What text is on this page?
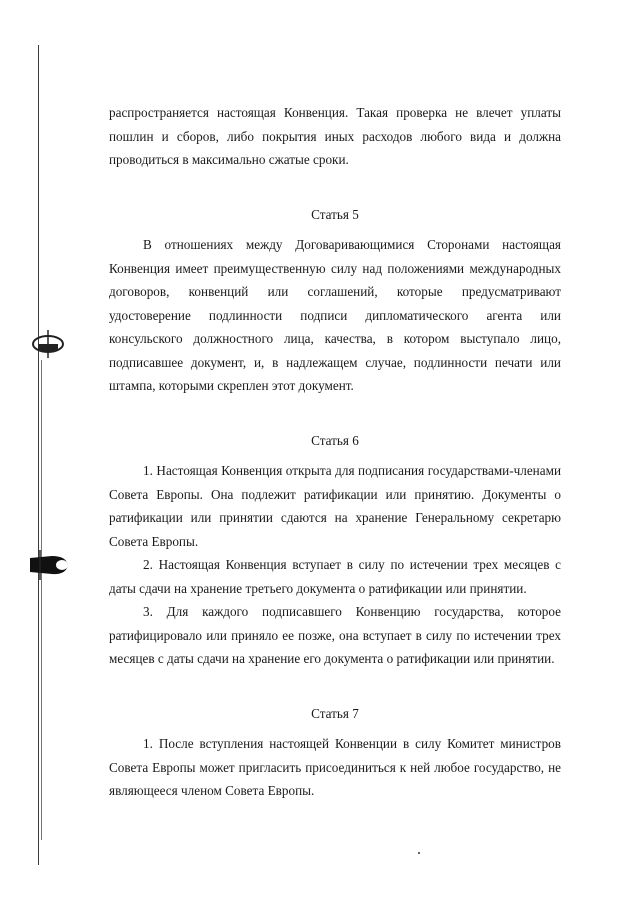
распространяется настоящая Конвенция. Такая проверка не влечет уплаты пошлин и сборов, либо покрытия иных расходов любого вида и должна проводиться в максимально сжатые сроки.

Статья 5

В отношениях между Договаривающимися Сторонами настоящая Конвенция имеет преимущественную силу над положениями международных договоров, конвенций или соглашений, которые предусматривают удостоверение подлинности подписи дипломатического агента или консульского должностного лица, качества, в котором выступало лицо, подписавшее документ, и, в надлежащем случае, подлинности печати или штампа, которыми скреплен этот документ.

Статья 6

1. Настоящая Конвенция открыта для подписания государствами-членами Совета Европы. Она подлежит ратификации или принятию. Документы о ратификации или принятии сдаются на хранение Генеральному секретарю Совета Европы.

2. Настоящая Конвенция вступает в силу по истечении трех месяцев с даты сдачи на хранение третьего документа о ратификации или принятии.

3. Для каждого подписавшего Конвенцию государства, которое ратифицировало или приняло ее позже, она вступает в силу по истечении трех месяцев с даты сдачи на хранение его документа о ратификации или принятии.

Статья 7

1. После вступления настоящей Конвенции в силу Комитет министров Совета Европы может пригласить присоединиться к ней любое государство, не являющееся членом Совета Европы.
